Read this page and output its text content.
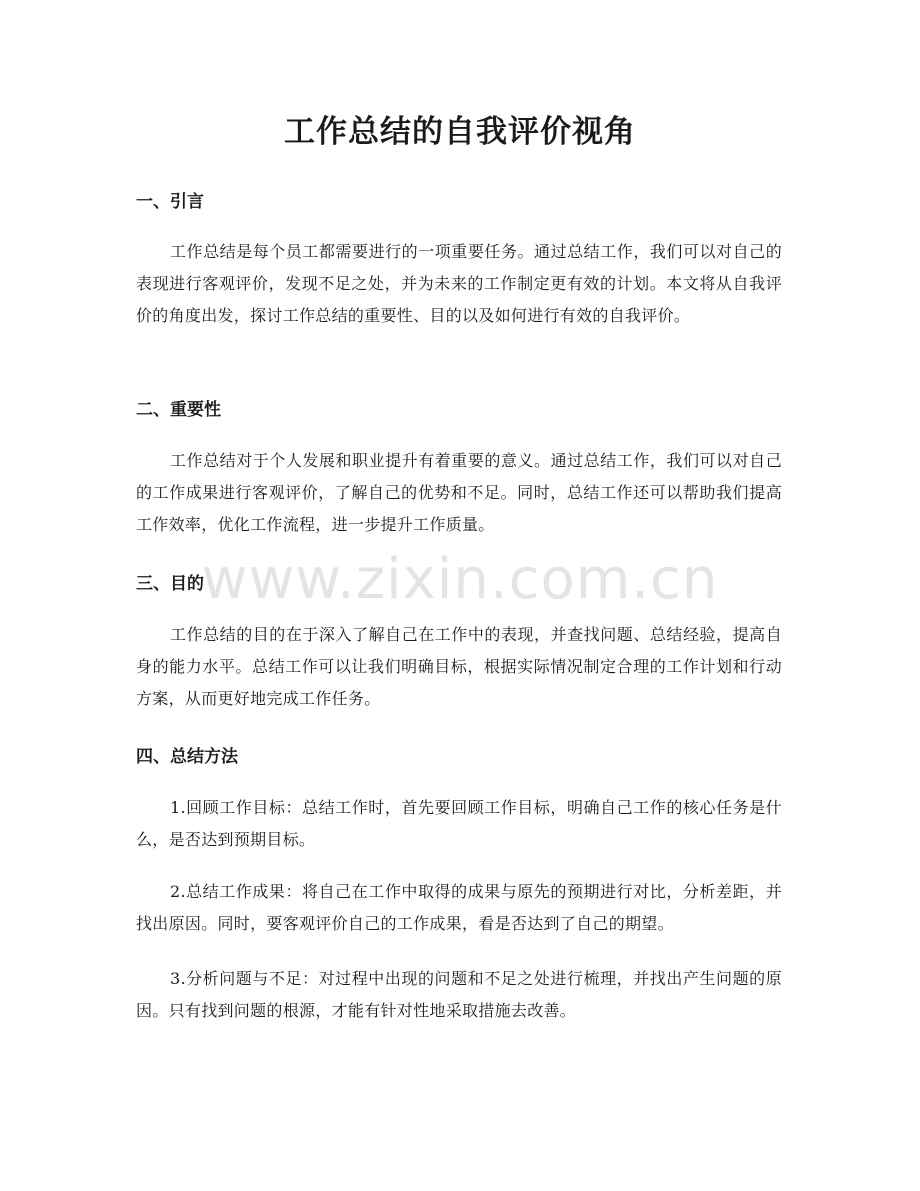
工作总结的自我评价视角
一、引言

工作总结是每个员工都需要进行的一项重要任务。通过总结工作，我们可以对自己的表现进行客观评价，发现不足之处，并为未来的工作制定更有效的计划。本文将从自我评价的角度出发，探讨工作总结的重要性、目的以及如何进行有效的自我评价。

二、重要性

工作总结对于个人发展和职业提升有着重要的意义。通过总结工作，我们可以对自己的工作成果进行客观评价，了解自己的优势和不足。同时，总结工作还可以帮助我们提高工作效率，优化工作流程，进一步提升工作质量。

三、目的

工作总结的目的在于深入了解自己在工作中的表现，并查找问题、总结经验，提高自身的能力水平。总结工作可以让我们明确目标，根据实际情况制定合理的工作计划和行动方案，从而更好地完成工作任务。

四、总结方法

1.回顾工作目标：总结工作时，首先要回顾工作目标，明确自己工作的核心任务是什么，是否达到预期目标。

2.总结工作成果：将自己在工作中取得的成果与原先的预期进行对比，分析差距，并找出原因。同时，要客观评价自己的工作成果，看是否达到了自己的期望。

3.分析问题与不足：对过程中出现的问题和不足之处进行梳理，并找出产生问题的原因。只有找到问题的根源，才能有针对性地采取措施去改善。

www.zixin.com.cn
